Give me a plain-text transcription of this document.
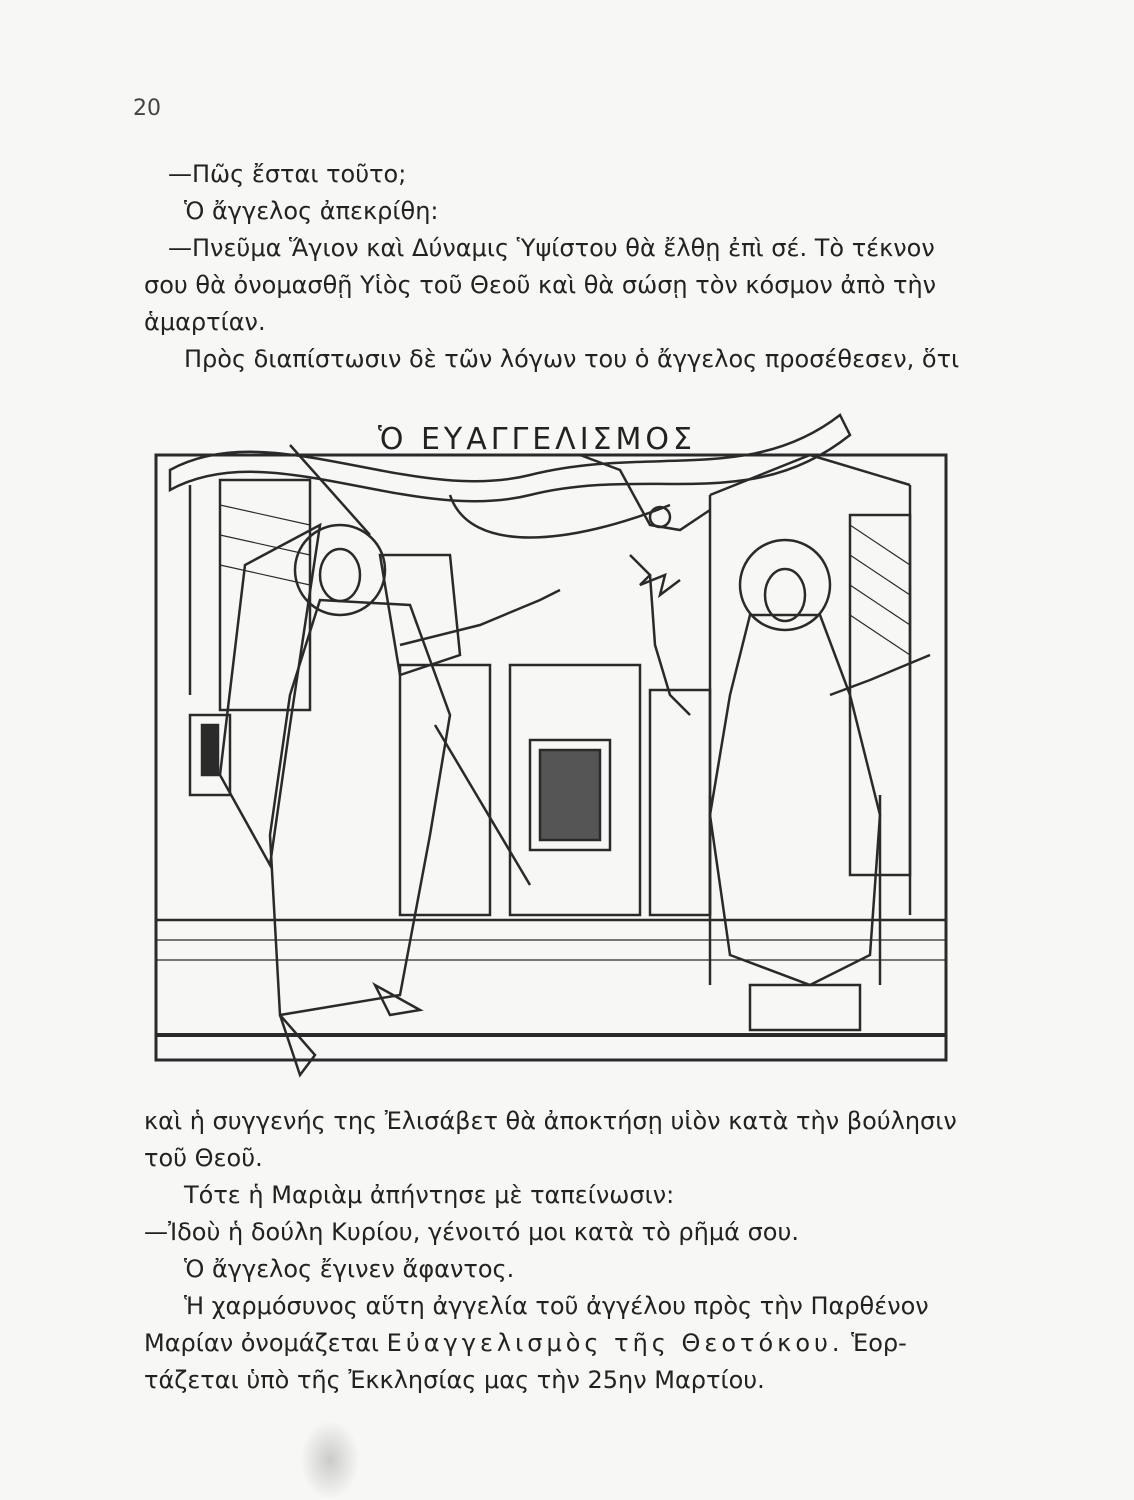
20
—Πῶς ἔσται τοῦτο;
Ὁ ἄγγελος ἀπεκρίθη:
—Πνεῦμα Ἅγιον καὶ Δύναμις Ὑψίστου θὰ ἔλθῃ ἐπὶ σέ. Τὸ τέκνον
σου θὰ ὀνομασθῇ Υἱὸς τοῦ Θεοῦ καὶ θὰ σώσῃ τὸν κόσμον ἀπὸ τὴν
ἁμαρτίαν.
Πρὸς διαπίστωσιν δὲ τῶν λόγων του ὁ ἄγγελος προσέθεσεν, ὅτι
Ὁ ΕΥΑΓΓΕΛΙΣΜΟΣ
καὶ ἡ συγγενής της Ἐλισάβετ θὰ ἀποκτήσῃ υἱὸν κατὰ τὴν βούλησιν
τοῦ Θεοῦ.
Τότε ἡ Μαριὰμ ἀπήντησε μὲ ταπείνωσιν:
—Ἰδοὺ ἡ δούλη Κυρίου, γένοιτό μοι κατὰ τὸ ρῆμά σου.
Ὁ ἄγγελος ἔγινεν ἄφαντος.
Ἡ χαρμόσυνος αὕτη ἀγγελία τοῦ ἀγγέλου πρὸς τὴν Παρθένον
Μαρίαν ὀνομάζεται Εὐαγγελισμὸς τῆς Θεοτόκου. Ἑορ-
τάζεται ὑπὸ τῆς Ἐκκλησίας μας τὴν 25ην Μαρτίου.
